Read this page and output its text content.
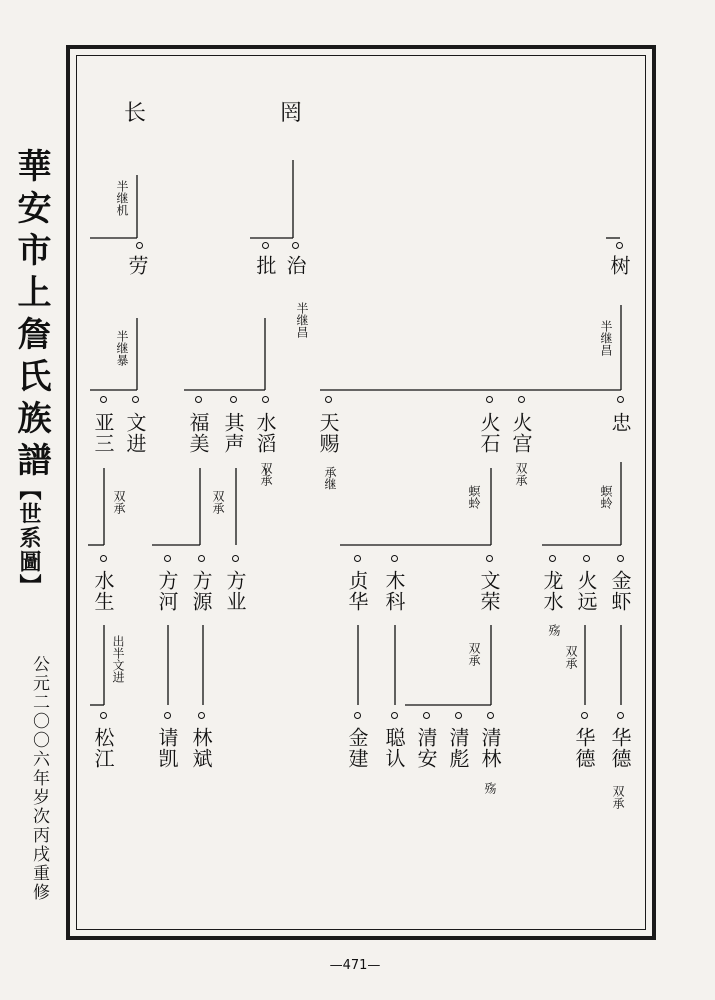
華安市上詹氏族譜
【世系圖】
公元二〇〇六年岁次丙戌重修
长	罔
劳	批 治	树
亚三 文进 福美 其声 水滔 天赐	火石 火宫	忠
水生 方河 方源 方业	贞华 木科	文荣 龙水 火远 金虾
松江 请凯 林斌	金建 聪认 清安 清彪 清林	华德 华德
半继机
半继昌
半继暴	半继昌
双承	双承
双承	承继
螟蛉
双承
螟蛉
出半文进
殇
双承	双承
殇	双承
—471—
